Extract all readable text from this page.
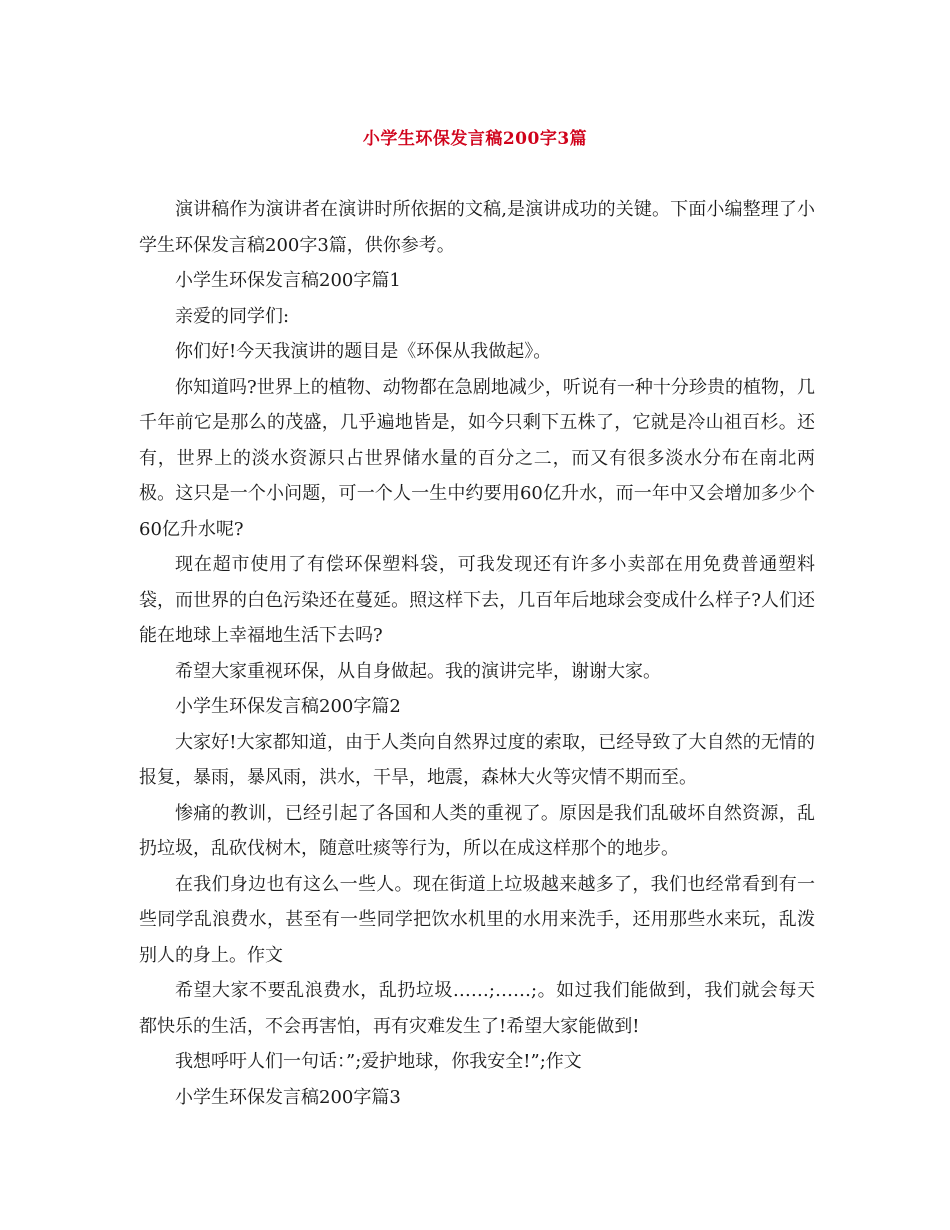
小学生环保发言稿200字3篇

演讲稿作为演讲者在演讲时所依据的文稿,是演讲成功的关键。下面小编整理了小学生环保发言稿200字3篇，供你参考。

小学生环保发言稿200字篇1

亲爱的同学们:

你们好!今天我演讲的题目是《环保从我做起》。

你知道吗?世界上的植物、动物都在急剧地减少，听说有一种十分珍贵的植物，几千年前它是那么的茂盛，几乎遍地皆是，如今只剩下五株了，它就是冷山祖百杉。还有，世界上的淡水资源只占世界储水量的百分之二，而又有很多淡水分布在南北两极。这只是一个小问题，可一个人一生中约要用60亿升水，而一年中又会增加多少个60亿升水呢?

现在超市使用了有偿环保塑料袋，可我发现还有许多小卖部在用免费普通塑料袋，而世界的白色污染还在蔓延。照这样下去，几百年后地球会变成什么样子?人们还能在地球上幸福地生活下去吗?

希望大家重视环保，从自身做起。我的演讲完毕，谢谢大家。

小学生环保发言稿200字篇2

大家好!大家都知道，由于人类向自然界过度的索取，已经导致了大自然的无情的报复，暴雨，暴风雨，洪水，干旱，地震，森林大火等灾情不期而至。

惨痛的教训，已经引起了各国和人类的重视了。原因是我们乱破坏自然资源，乱扔垃圾，乱砍伐树木，随意吐痰等行为，所以在成这样那个的地步。

在我们身边也有这么一些人。现在街道上垃圾越来越多了，我们也经常看到有一些同学乱浪费水，甚至有一些同学把饮水机里的水用来洗手，还用那些水来玩，乱泼别人的身上。作文

希望大家不要乱浪费水，乱扔垃圾……;……;。如过我们能做到，我们就会每天都快乐的生活，不会再害怕，再有灾难发生了!希望大家能做到!

我想呼吁人们一句话：”;爱护地球，你我安全!”;作文

小学生环保发言稿200字篇3
